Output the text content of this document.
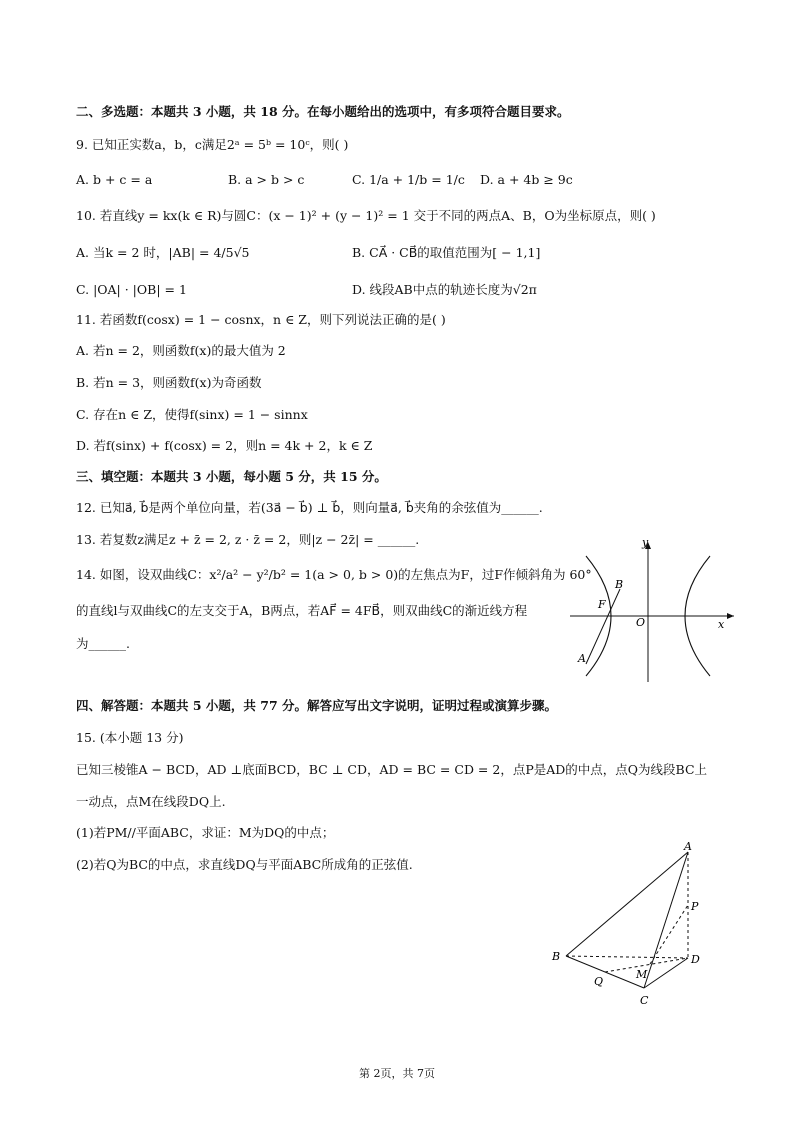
二、多选题：本题共 3 小题，共 18 分。在每小题给出的选项中，有多项符合题目要求。
9. 已知正实数a，b，c满足2ᵃ = 5ᵇ = 10ᶜ，则( )
A. b + c = a	B. a > b > c	C. 1/a + 1/b = 1/c D. a + 4b ≥ 9c
10. 若直线y = kx(k ∈ R)与圆C：(x − 1)² + (y − 1)² = 1 交于不同的两点A、B，O为坐标原点，则( )
A. 当k = 2 时，|AB| = 4/5√5	B. CA⃗ · CB⃗的取值范围为[ − 1,1]
C. |OA| · |OB| = 1	D. 线段AB中点的轨迹长度为√2π
11. 若函数f(cosx) = 1 − cosnx，n ∈ Z，则下列说法正确的是( )
A. 若n = 2，则函数f(x)的最大值为 2
B. 若n = 3，则函数f(x)为奇函数
C. 存在n ∈ Z，使得f(sinx) = 1 − sinnx
D. 若f(sinx) + f(cosx) = 2，则n = 4k + 2，k ∈ Z
三、填空题：本题共 3 小题，每小题 5 分，共 15 分。
12. 已知a⃗, b⃗是两个单位向量，若(3a⃗ − b⃗) ⊥ b⃗，则向量a⃗, b⃗夹角的余弦值为______.
13. 若复数z满足z + z̄ = 2, z · z̄ = 2，则|z − 2z̄| = ______.
14. 如图，设双曲线C：x²/a² − y²/b² = 1(a > 0, b > 0)的左焦点为F，过F作倾斜角为 60°
的直线l与双曲线C的左支交于A，B两点，若AF⃗ = 4FB⃗，则双曲线C的渐近线方程
为______.
y
x
O
B
F
A
四、解答题：本题共 5 小题，共 77 分。解答应写出文字说明，证明过程或演算步骤。
15. (本小题 13 分)
已知三棱锥A − BCD，AD ⊥底面BCD，BC ⊥ CD，AD = BC = CD = 2，点P是AD的中点，点Q为线段BC上
一动点，点M在线段DQ上.
(1)若PM//平面ABC，求证：M为DQ的中点；
(2)若Q为BC的中点，求直线DQ与平面ABC所成角的正弦值.
A
P
B
M
D
Q
C
第 2页，共 7页
